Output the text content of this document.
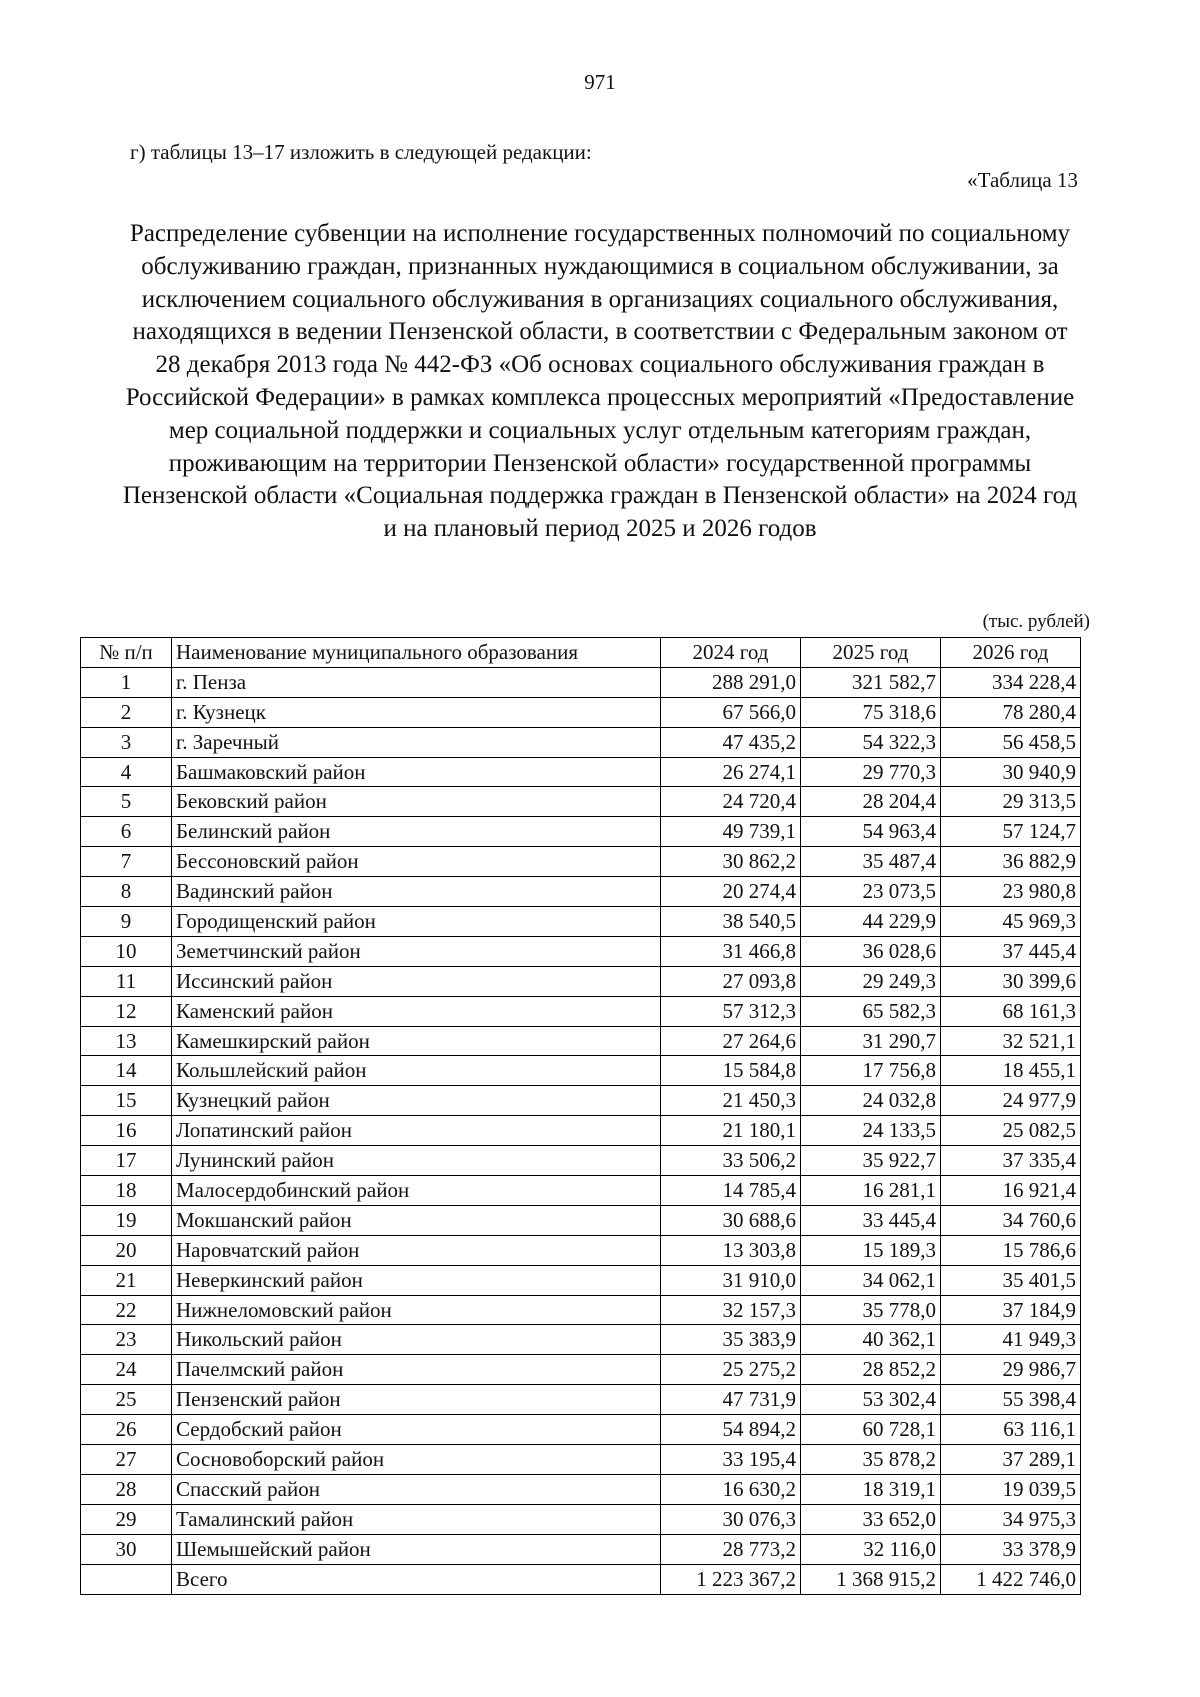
971
г) таблицы 13–17 изложить в следующей редакции:
«Таблица 13
Распределение субвенции на исполнение государственных полномочий по социальному обслуживанию граждан, признанных нуждающимися в социальном обслуживании, за исключением социального обслуживания в организациях социального обслуживания, находящихся в ведении Пензенской области, в соответствии с Федеральным законом от 28 декабря 2013 года № 442-ФЗ «Об основах социального обслуживания граждан в Российской Федерации» в рамках комплекса процессных мероприятий «Предоставление мер социальной поддержки и социальных услуг отдельным категориям граждан, проживающим на территории Пензенской области» государственной программы Пензенской области «Социальная поддержка граждан в Пензенской области» на 2024 год и на плановый период 2025 и 2026 годов
(тыс. рублей)
№ п/п	Наименование муниципального образования	2024 год	2025 год	2026 год
1	г. Пенза	288 291,0	321 582,7	334 228,4
2	г. Кузнецк	67 566,0	75 318,6	78 280,4
3	г. Заречный	47 435,2	54 322,3	56 458,5
4	Башмаковский район	26 274,1	29 770,3	30 940,9
5	Бековский район	24 720,4	28 204,4	29 313,5
6	Белинский район	49 739,1	54 963,4	57 124,7
7	Бессоновский район	30 862,2	35 487,4	36 882,9
8	Вадинский район	20 274,4	23 073,5	23 980,8
9	Городищенский район	38 540,5	44 229,9	45 969,3
10	Земетчинский район	31 466,8	36 028,6	37 445,4
11	Иссинский район	27 093,8	29 249,3	30 399,6
12	Каменский район	57 312,3	65 582,3	68 161,3
13	Камешкирский район	27 264,6	31 290,7	32 521,1
14	Кольшлейский район	15 584,8	17 756,8	18 455,1
15	Кузнецкий район	21 450,3	24 032,8	24 977,9
16	Лопатинский район	21 180,1	24 133,5	25 082,5
17	Лунинский район	33 506,2	35 922,7	37 335,4
18	Малосердобинский район	14 785,4	16 281,1	16 921,4
19	Мокшанский район	30 688,6	33 445,4	34 760,6
20	Наровчатский район	13 303,8	15 189,3	15 786,6
21	Неверкинский район	31 910,0	34 062,1	35 401,5
22	Нижнеломовский район	32 157,3	35 778,0	37 184,9
23	Никольский район	35 383,9	40 362,1	41 949,3
24	Пачелмский район	25 275,2	28 852,2	29 986,7
25	Пензенский район	47 731,9	53 302,4	55 398,4
26	Сердобский район	54 894,2	60 728,1	63 116,1
27	Сосновоборский район	33 195,4	35 878,2	37 289,1
28	Спасский район	16 630,2	18 319,1	19 039,5
29	Тамалинский район	30 076,3	33 652,0	34 975,3
30	Шемышейский район	28 773,2	32 116,0	33 378,9
	Всего	1 223 367,2	1 368 915,2	1 422 746,0
